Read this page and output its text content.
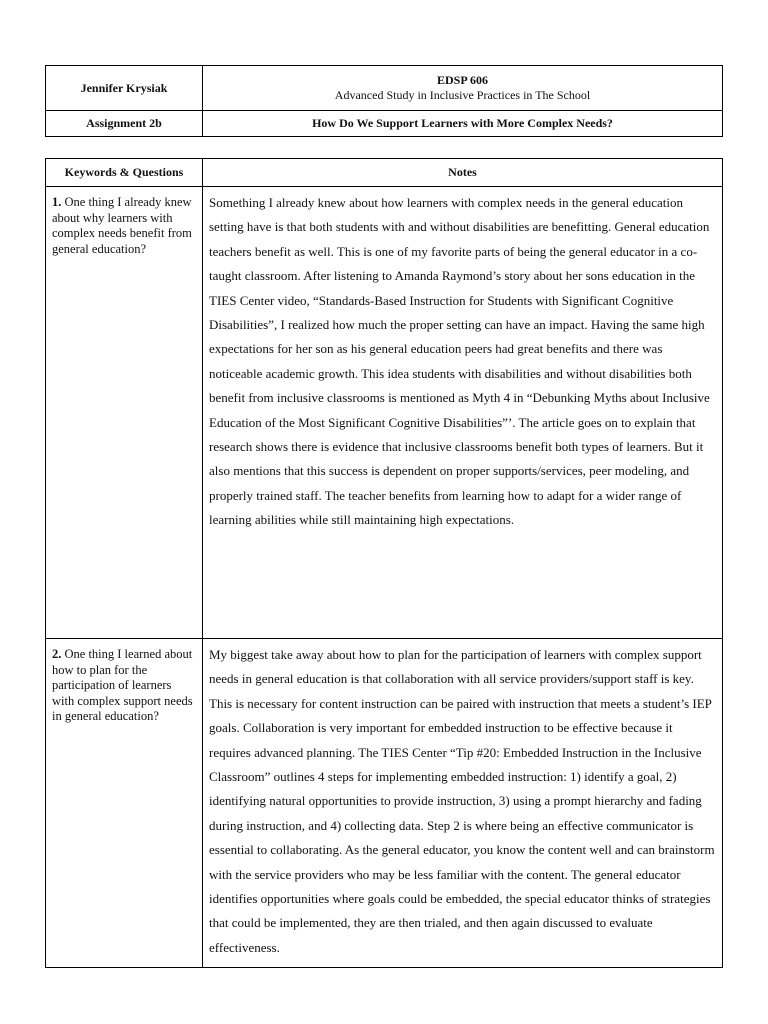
Jennifer Krysiak	EDSP 606
Advanced Study in Inclusive Practices in The School

Assignment 2b	How Do We Support Learners with More Complex Needs?
Keywords & Questions	Notes
1. One thing I already knew about why learners with complex needs benefit from general education?	Something I already knew about how learners with complex needs in the general education setting have is that both students with and without disabilities are benefitting. General education teachers benefit as well. This is one of my favorite parts of being the general educator in a co-taught classroom. After listening to Amanda Raymond’s story about her sons education in the TIES Center video, “Standards-Based Instruction for Students with Significant Cognitive Disabilities”, I realized how much the proper setting can have an impact. Having the same high expectations for her son as his general education peers had great benefits and there was noticeable academic growth. This idea students with disabilities and without disabilities both benefit from inclusive classrooms is mentioned as Myth 4 in “Debunking Myths about Inclusive Education of the Most Significant Cognitive Disabilities”’. The article goes on to explain that research shows there is evidence that inclusive classrooms benefit both types of learners. But it also mentions that this success is dependent on proper supports/services, peer modeling, and properly trained staff. The teacher benefits from learning how to adapt for a wider range of learning abilities while still maintaining high expectations.
2. One thing I learned about how to plan for the participation of learners with complex support needs in general education?	My biggest take away about how to plan for the participation of learners with complex support needs in general education is that collaboration with all service providers/support staff is key. This is necessary for content instruction can be paired with instruction that meets a student’s IEP goals. Collaboration is very important for embedded instruction to be effective because it requires advanced planning. The TIES Center “Tip #20: Embedded Instruction in the Inclusive Classroom” outlines 4 steps for implementing embedded instruction: 1) identify a goal, 2) identifying natural opportunities to provide instruction, 3) using a prompt hierarchy and fading during instruction, and 4) collecting data. Step 2 is where being an effective communicator is essential to collaborating. As the general educator, you know the content well and can brainstorm with the service providers who may be less familiar with the content. The general educator identifies opportunities where goals could be embedded, the special educator thinks of strategies that could be implemented, they are then trialed, and then again discussed to evaluate effectiveness.
